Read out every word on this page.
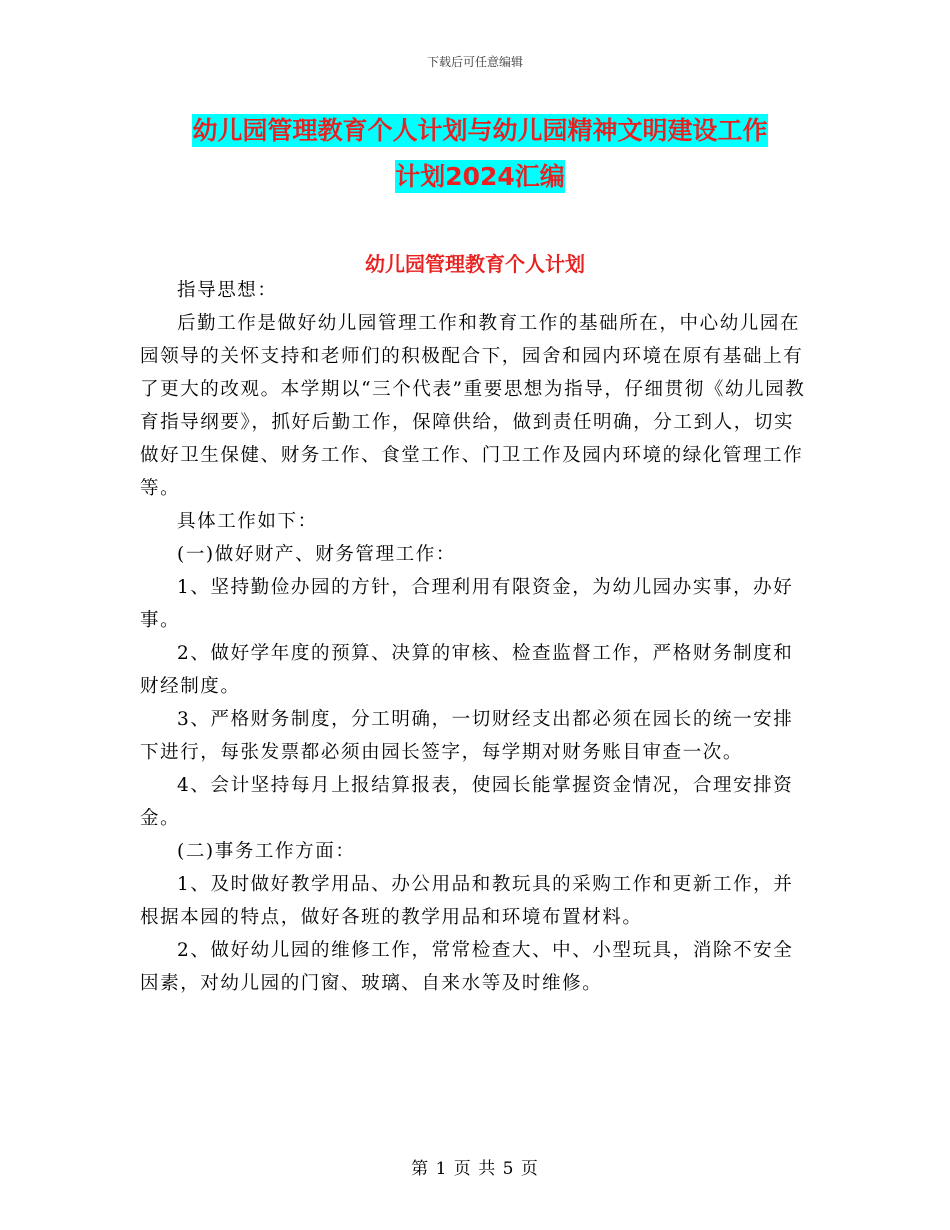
下载后可任意编辑
幼儿园管理教育个人计划与幼儿园精神文明建设工作
计划2024汇编
幼儿园管理教育个人计划

指导思想：

后勤工作是做好幼儿园管理工作和教育工作的基础所在，中心幼儿园在园领导的关怀支持和老师们的积极配合下，园舍和园内环境在原有基础上有了更大的改观。本学期以“三个代表”重要思想为指导，仔细贯彻《幼儿园教育指导纲要》，抓好后勤工作，保障供给，做到责任明确，分工到人，切实做好卫生保健、财务工作、食堂工作、门卫工作及园内环境的绿化管理工作等。

具体工作如下：

(一)做好财产、财务管理工作：

1、坚持勤俭办园的方针，合理利用有限资金，为幼儿园办实事，办好事。

2、做好学年度的预算、决算的审核、检查监督工作，严格财务制度和财经制度。

3、严格财务制度，分工明确，一切财经支出都必须在园长的统一安排下进行，每张发票都必须由园长签字，每学期对财务账目审查一次。

4、会计坚持每月上报结算报表，使园长能掌握资金情况，合理安排资金。

(二)事务工作方面：

1、及时做好教学用品、办公用品和教玩具的采购工作和更新工作，并根据本园的特点，做好各班的教学用品和环境布置材料。

2、做好幼儿园的维修工作，常常检查大、中、小型玩具，消除不安全因素，对幼儿园的门窗、玻璃、自来水等及时维修。

第 1 页 共 5 页
